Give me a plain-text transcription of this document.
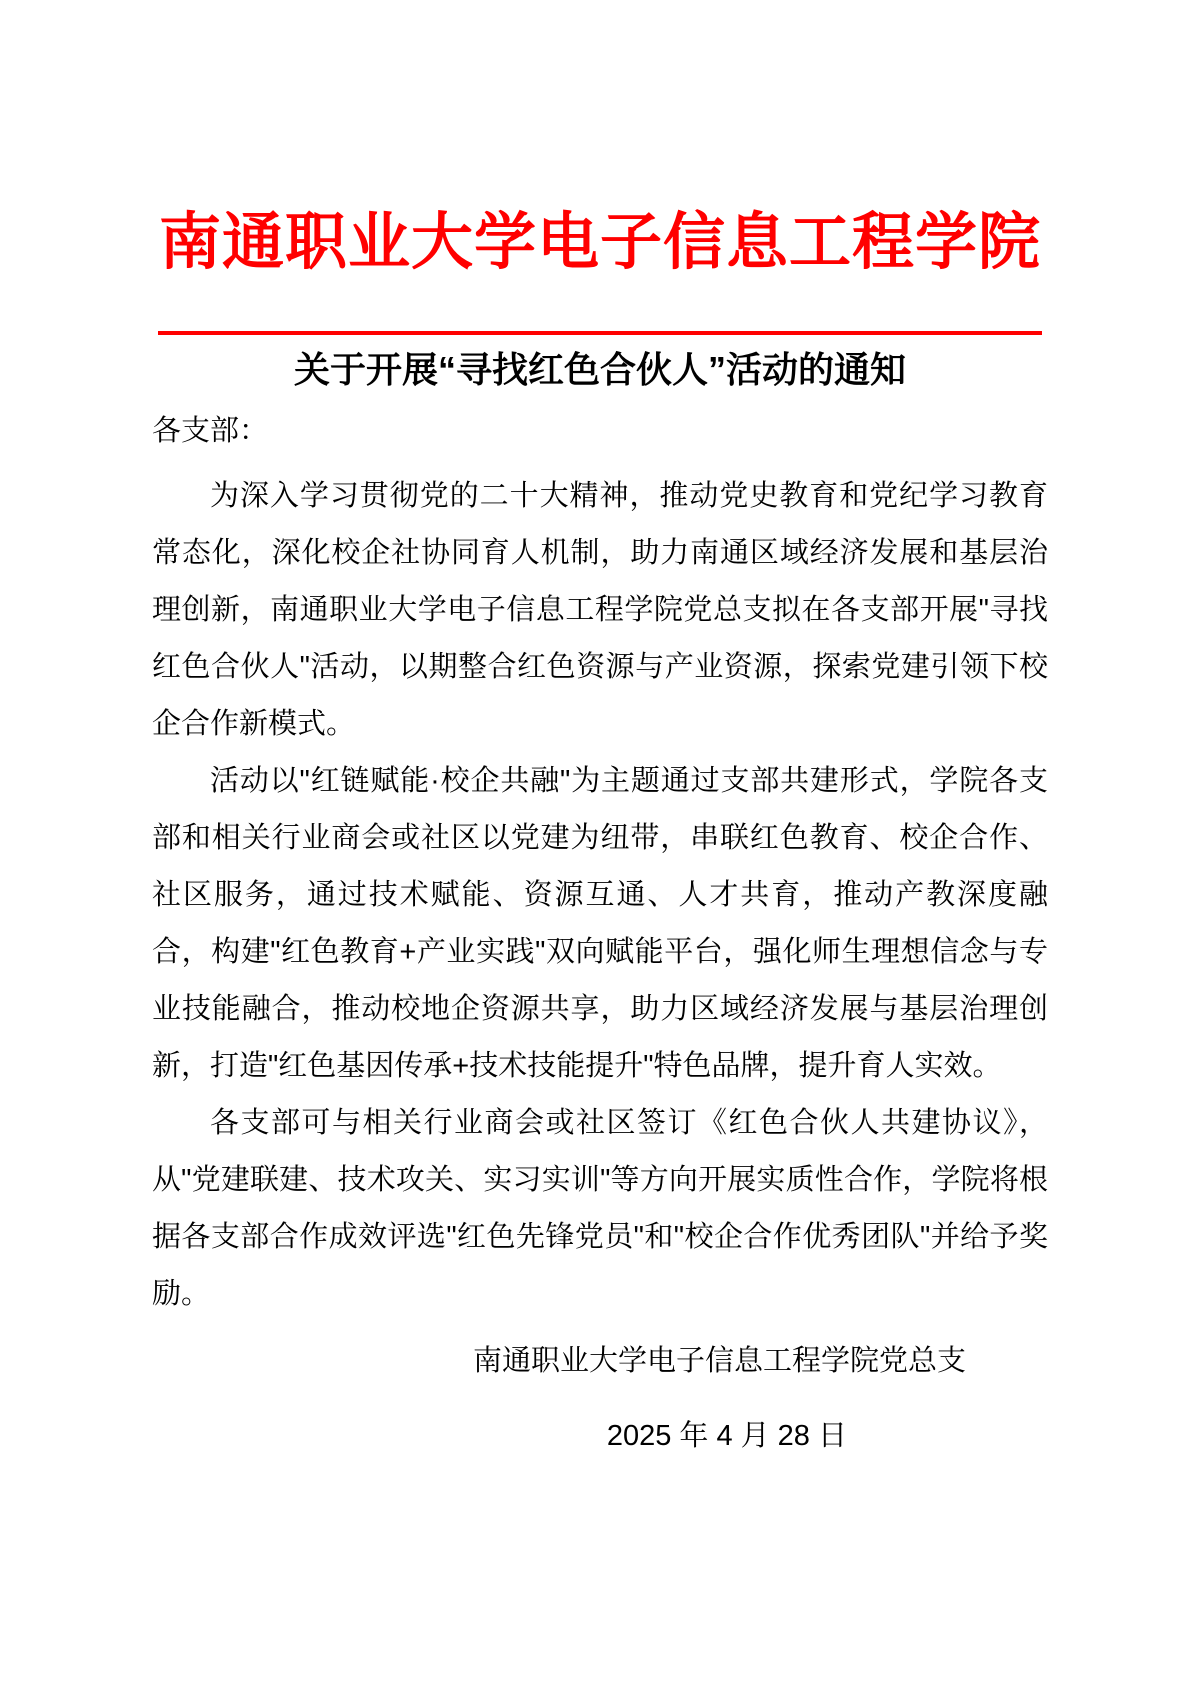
南通职业大学电子信息工程学院
关于开展“寻找红色合伙人”活动的通知

各支部：

为深入学习贯彻党的二十大精神，推动党史教育和党纪学习教育常态化，深化校企社协同育人机制，助力南通区域经济发展和基层治理创新，南通职业大学电子信息工程学院党总支拟在各支部开展"寻找红色合伙人"活动，以期整合红色资源与产业资源，探索党建引领下校企合作新模式。

活动以"红链赋能·校企共融"为主题通过支部共建形式，学院各支部和相关行业商会或社区以党建为纽带，串联红色教育、校企合作、社区服务，通过技术赋能、资源互通、人才共育，推动产教深度融合，构建"红色教育+产业实践"双向赋能平台，强化师生理想信念与专业技能融合，推动校地企资源共享，助力区域经济发展与基层治理创新，打造"红色基因传承+技术技能提升"特色品牌，提升育人实效。

各支部可与相关行业商会或社区签订《红色合伙人共建协议》，从"党建联建、技术攻关、实习实训"等方向开展实质性合作，学院将根据各支部合作成效评选"红色先锋党员"和"校企合作优秀团队"并给予奖励。

南通职业大学电子信息工程学院党总支

2025 年 4 月 28 日
